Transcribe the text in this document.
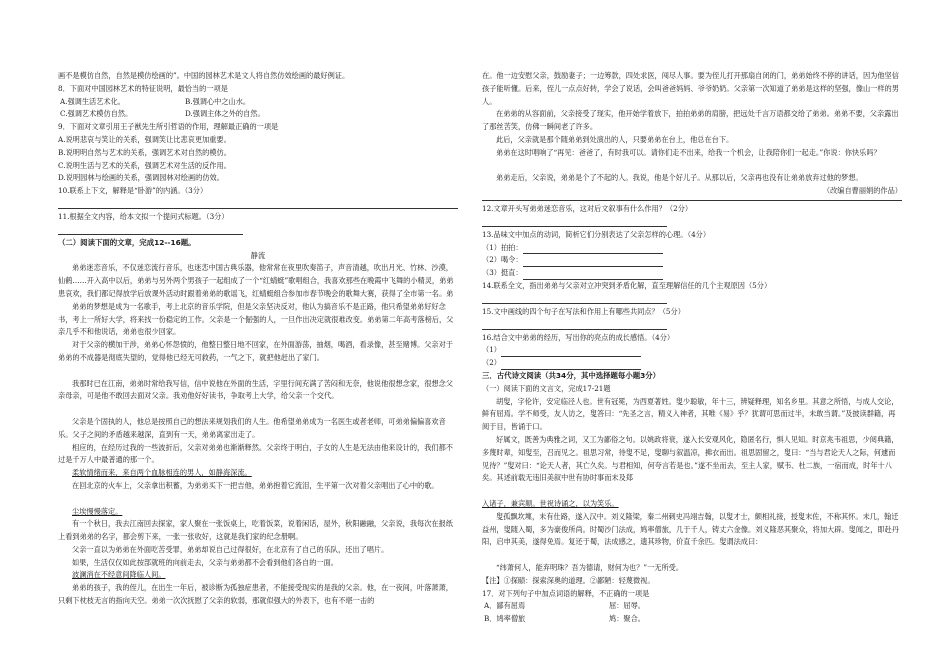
画不是模仿自然，自然是模仿绘画的”。中国的园林艺术是文人将自然仿效绘画的最好例证。
8．下面对中国园林艺术的特征说明，最恰当的一项是
A.强调生活艺术化。	B.强调心中之山水。
C.强调艺术模仿自然。	D.强调主体之外的自然。
9．下面对文章引用王子猷先生所引哲语的作用，理解最正确的一项是
A.说明悲哀与笑让的关系，强调笑让比悲哀更加重要。
B.说明明自然与艺术的关系，强调艺术对自然的模仿。
C.说明生活与艺术的关系，强调艺术对生活的反作用。
D.说明园林与绘画的关系，强调园林对绘画的仿效。
10.联系上下文，解释是“卧游”的内涵。（3分）
11.根据全文内容，给本文拟一个提问式标题。（3分）
（二）阅读下面的文章，完成12--16题。
静流
弟弟迷恋音乐，不仅迷恋流行音乐，也迷恋中国古典乐器，他常常在夜里吹奏笛子，声音清越，吹出月光、竹林、沙漠，仙鹤……开入高中以后，弟弟与另外两个男孩子一起组成了一个“红蜻蜓”歌唱组合，我喜欢那些在晚霞中飞舞的小精灵，弟弟患哀欢，我们都记得放学后放课外活动时跟着弟弟的歌谣飞，红蜻蜓组合参加市春节晚会的歌舞大赛，获得了全市第一名。弟
弟弟的梦想是成为一名歌手，考上北京的音乐学院，但是父亲坚决反对，他认为搞音乐不是正路，他只希望弟弟好好念书，考上一所好大学，将来找一份稳定的工作。父亲是一个倔强的人，一旦作出决定就很难改变。弟弟第二年高考落榜后，父亲几乎不和他说话，弟弟也很少回家。
对于父亲的横加干涉，弟弟心怀怨愤的，他整日整日地不回家，在外面游荡，抽烟，喝酒，看录像，甚至赌博。父亲对于弟弟的不成器是彻底失望的，觉得他已经无可救药，一气之下，就把他赶出了家门。
我那时已在江南，弟弟时常给我写信，信中说他在外面的生活，字里行间充满了苦闷和无奈，他说他很想念家，很想念父亲母亲，可是他不敢回去面对父亲。我劝他好好读书，争取考上大学，给父亲一个交代。
父亲是个固执的人，他总是按照自己的想法来规划我们的人生。他希望弟弟成为一名医生或者老师，可弟弟偏偏喜欢音乐。父子之间的矛盾越来越深，直到有一天，弟弟离家出走了。
相应的，在经历过我的一些波折后，父亲对弟弟也渐渐释然。父亲终于明白，子女的人生是无法由他来设计的，我们都不过是千万人中最普通的那一个。
柔软情绪而来，来自两个血脉相连的男人，如静海深流。
在回北京的火车上，父亲拿出积蓄，为弟弟买下一把吉他，弟弟抱着它流泪，生平第一次对着父亲唱出了心中的歌。
尘埃慢慢落定。
有一个秋日，我去江南回去探家，家人聚在一张饭桌上，吃着饭菜，说着闲话，屋外，秋阳融融，父亲说，我每次在报纸上看到弟弟的名字，都会剪下来，一张一张收好，这就是我们家的纪念册啊。
父亲一直以为弟弟在外面吃苦受罪，弟弟却说自己过得很好，在北京有了自己的乐队，还出了唱片。
如果，生活仅仅如此按部就班的向前走去，父亲与弟弟都不会看到他们各自的一面。
波澜消在不经意间降临人间。
弟弟的孩子，我的侄儿，在出生一年后，被诊断为孤独症患者，不能接受现实的是我的父亲。他，在一夜间，叶落萧萧，只剩下枕枝无言的指向天空。弟弟一次次抚慰了父亲的软弱，那就似强大的外表下，也有不堪一击的
在。他一边安慰父亲，鼓励妻子；一边筹款，四处求医，闯尽人事。要为侄儿打开那扇自闭的门，弟弟始终不停的讲话，因为他坚信孩子能听懂。后来，侄儿一点点好转，学会了说话，会叫爸爸妈妈、爷爷奶奶。父亲第一次知道了弟弟是这样的坚强，像山一样的男人。
在弟弟的从容面前，父亲接受了现实，他开始学着放下，拍拍弟弟的肩膀，把远处千言万语都交给了弟弟。弟弟不要，父亲露出了那丝苦笑，仿佛一瞬间老了许多。
此后，父亲就是那个随弟弟到处演出的人，只要弟弟在台上，他总在台下。
弟弟在这时唱响了“再见：爸爸了，有时我可以。请你们走不出来，给我一个机会，让我陪你们一起走。”你说：你快乐吗？
弟弟走后，父亲说，弟弟是个了不起的人。我说，他是个好儿子。从那以后，父亲再也没有让弟弟放弃过他的梦想。
（改编自曹丽娟的作品）
12.文章开头写弟弟迷恋音乐，这对后文叙事有什么作用？（2分）
13.品味文中加点的动词，简析它们分别表达了父亲怎样的心理。（4分）
（1）拍拍：
（2）喝令：
（3）挺直：
14.联系全文，指出弟弟与父亲对立冲突到矛盾化解，直至理解信任的几个主观原因（5分）
15.文中画线的四个句子在写法和作用上有哪些共同点？（5分）
16.结合文中弟弟的经历，写出你的亮点的成长感悟。（4分）
（1）
（2）
三．古代诗文阅读（共34分，其中选择题每小题3分）
（一）阅读下面的文言文，完成17-21题
胡叟，字伦许，安定临泾人也。世有冠冕，为西夏著姓。叟少聪敏，年十三，辨疑释理，知名乡里。其意之所悟，与成人交论，鲜有屈焉。学不师受，友人访之，叟答曰：“先圣之言，精义入神者，其唯《易》乎？犹谓可思而过半，未敢当谓。”及披读群籍，再阅于目，皆诵于口。
好属文，既善为典雅之词，又工为鄙俗之句。以姚政将衰，遂入长安观风化，隐匿名行，惧人见知。时京兆韦祖思，少阅典籍，多蔑时辈，知叟至，召而见之。祖思习常，待叟不足，叟聊与叙温凉，拂衣而出。祖思固留之，叟曰：“当与君论天人之际，何遽而见待？”叟对曰：“论天人者，其亡久矣。与君相知，何夸言若是也。”遂不坐而去，至主人家，赋韦、杜二族，一宿而成，时年十八矣。其述前载无违旧美叙中世有协时事而末及郑
入诸子，兼宾顺。世祝诗诵之，以为笑乐。
叟孤飘坎壈，未有仕路，遂入汉中。刘义隆梁，秦二州刺史冯翊吉翰，以叟才士，颇相礼接，授叟末佐，不称其怀。未几，翰迁益州，叟随入蜀，多为豪俊所尚。时蜀沙门法成，鸠率僧旅，几于千人，铸丈六金像。刘义隆恶其聚众，将加大辟。叟闻之，即赴丹阳，启申其美，遂得免焉。复还于蜀，法成感之，遗其珍物，价直千余匹。叟谓法成曰：
“纬萧何人，能弃明珠？吾为德请，财何为也？”一无所受。
【注】①探赜：探索深奥的道理。②鄙陋：轻蔑微视。
17．对下列句子中加点词语的解释，不正确的一项是
A．鄙有屈焉	屈：屈辱。
B．鸠率僧旅	鸠：聚合。
